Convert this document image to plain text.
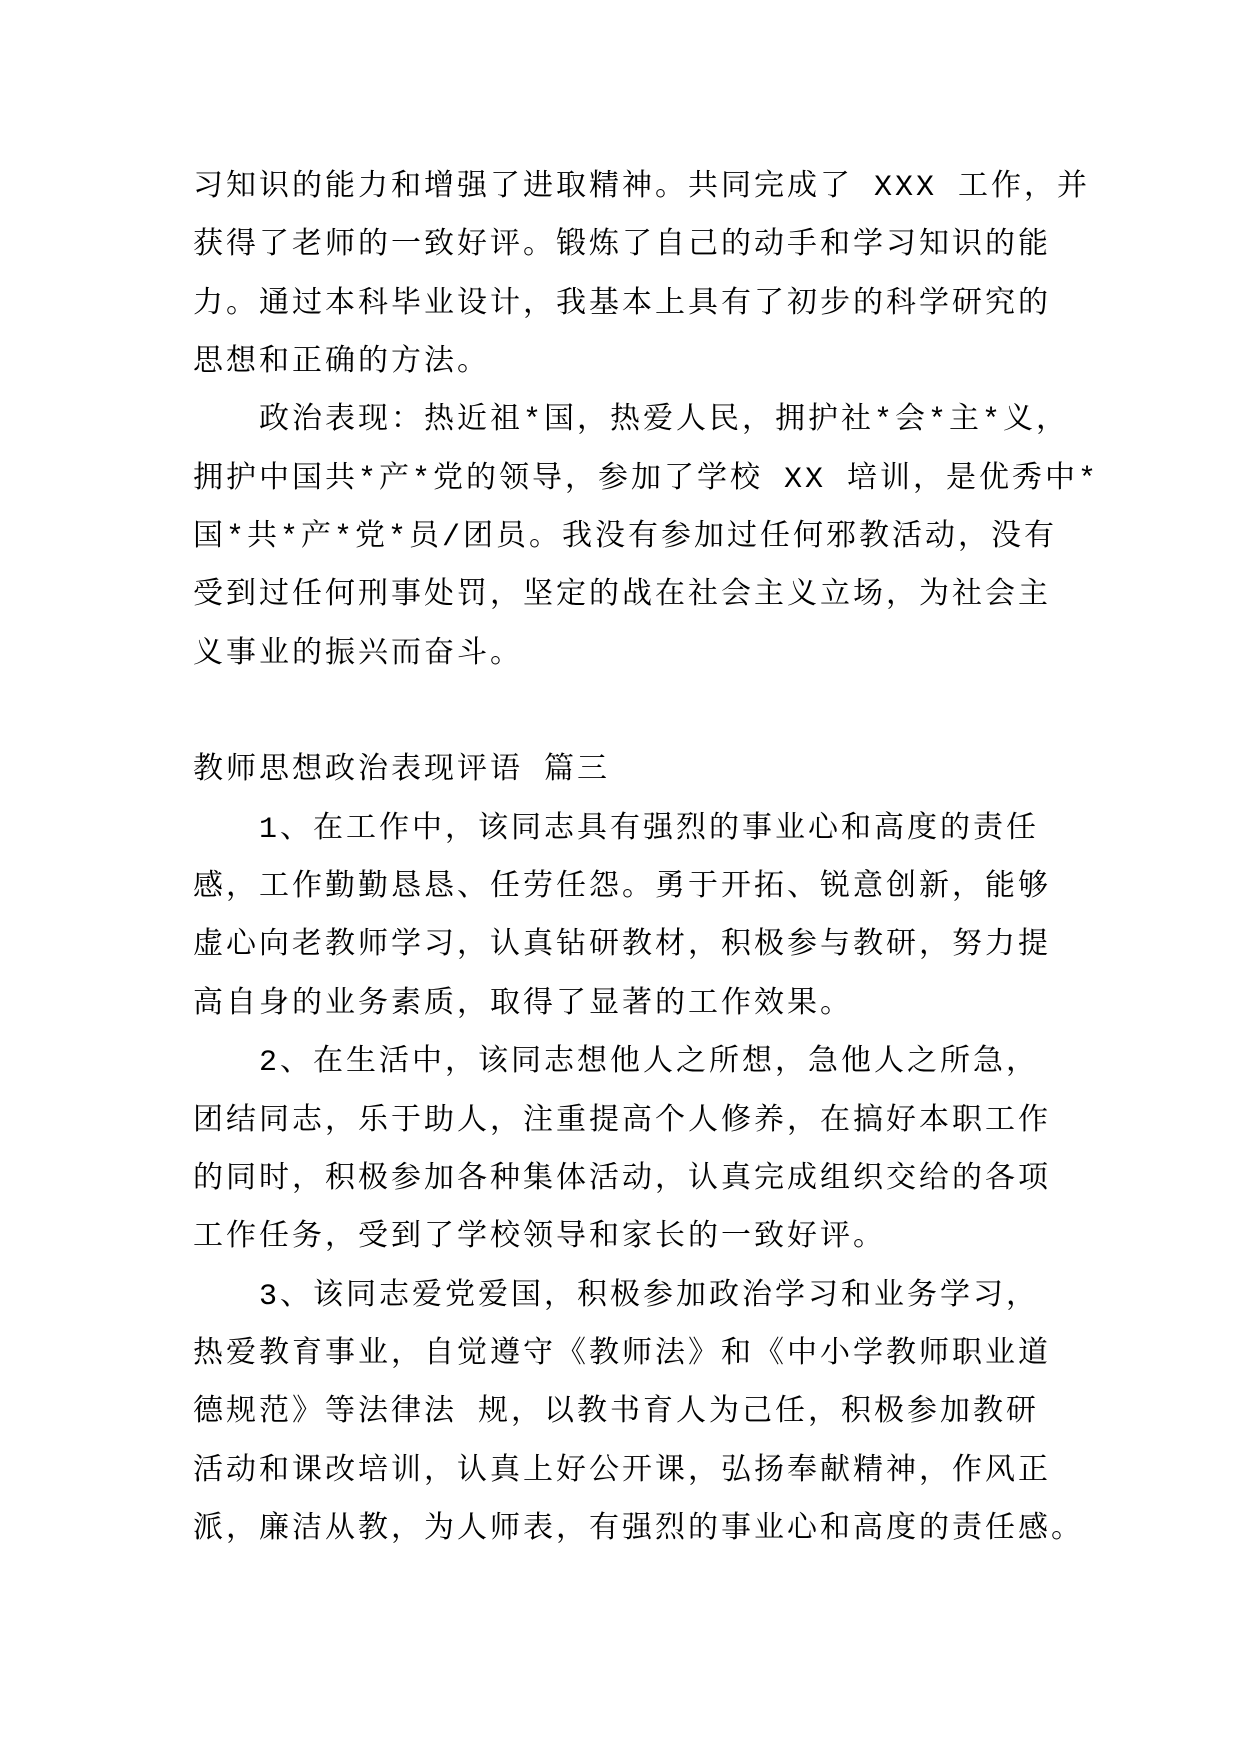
习知识的能力和增强了进取精神。共同完成了 XXX 工作，并
获得了老师的一致好评。锻炼了自己的动手和学习知识的能
力。通过本科毕业设计，我基本上具有了初步的科学研究的
思想和正确的方法。
政治表现：热近祖*国，热爱人民，拥护社*会*主*义，
拥护中国共*产*党的领导，参加了学校 XX 培训，是优秀中*
国*共*产*党*员/团员。我没有参加过任何邪教活动，没有
受到过任何刑事处罚，坚定的战在社会主义立场，为社会主
义事业的振兴而奋斗。
教师思想政治表现评语 篇三
1、在工作中，该同志具有强烈的事业心和高度的责任
感，工作勤勤恳恳、任劳任怨。勇于开拓、锐意创新，能够
虚心向老教师学习，认真钻研教材，积极参与教研，努力提
高自身的业务素质，取得了显著的工作效果。
2、在生活中，该同志想他人之所想，急他人之所急，
团结同志，乐于助人，注重提高个人修养，在搞好本职工作
的同时，积极参加各种集体活动，认真完成组织交给的各项
工作任务，受到了学校领导和家长的一致好评。
3、该同志爱党爱国，积极参加政治学习和业务学习，
热爱教育事业，自觉遵守《教师法》和《中小学教师职业道
德规范》等法律法 规，以教书育人为己任，积极参加教研
活动和课改培训，认真上好公开课，弘扬奉献精神，作风正
派，廉洁从教，为人师表，有强烈的事业心和高度的责任感。
